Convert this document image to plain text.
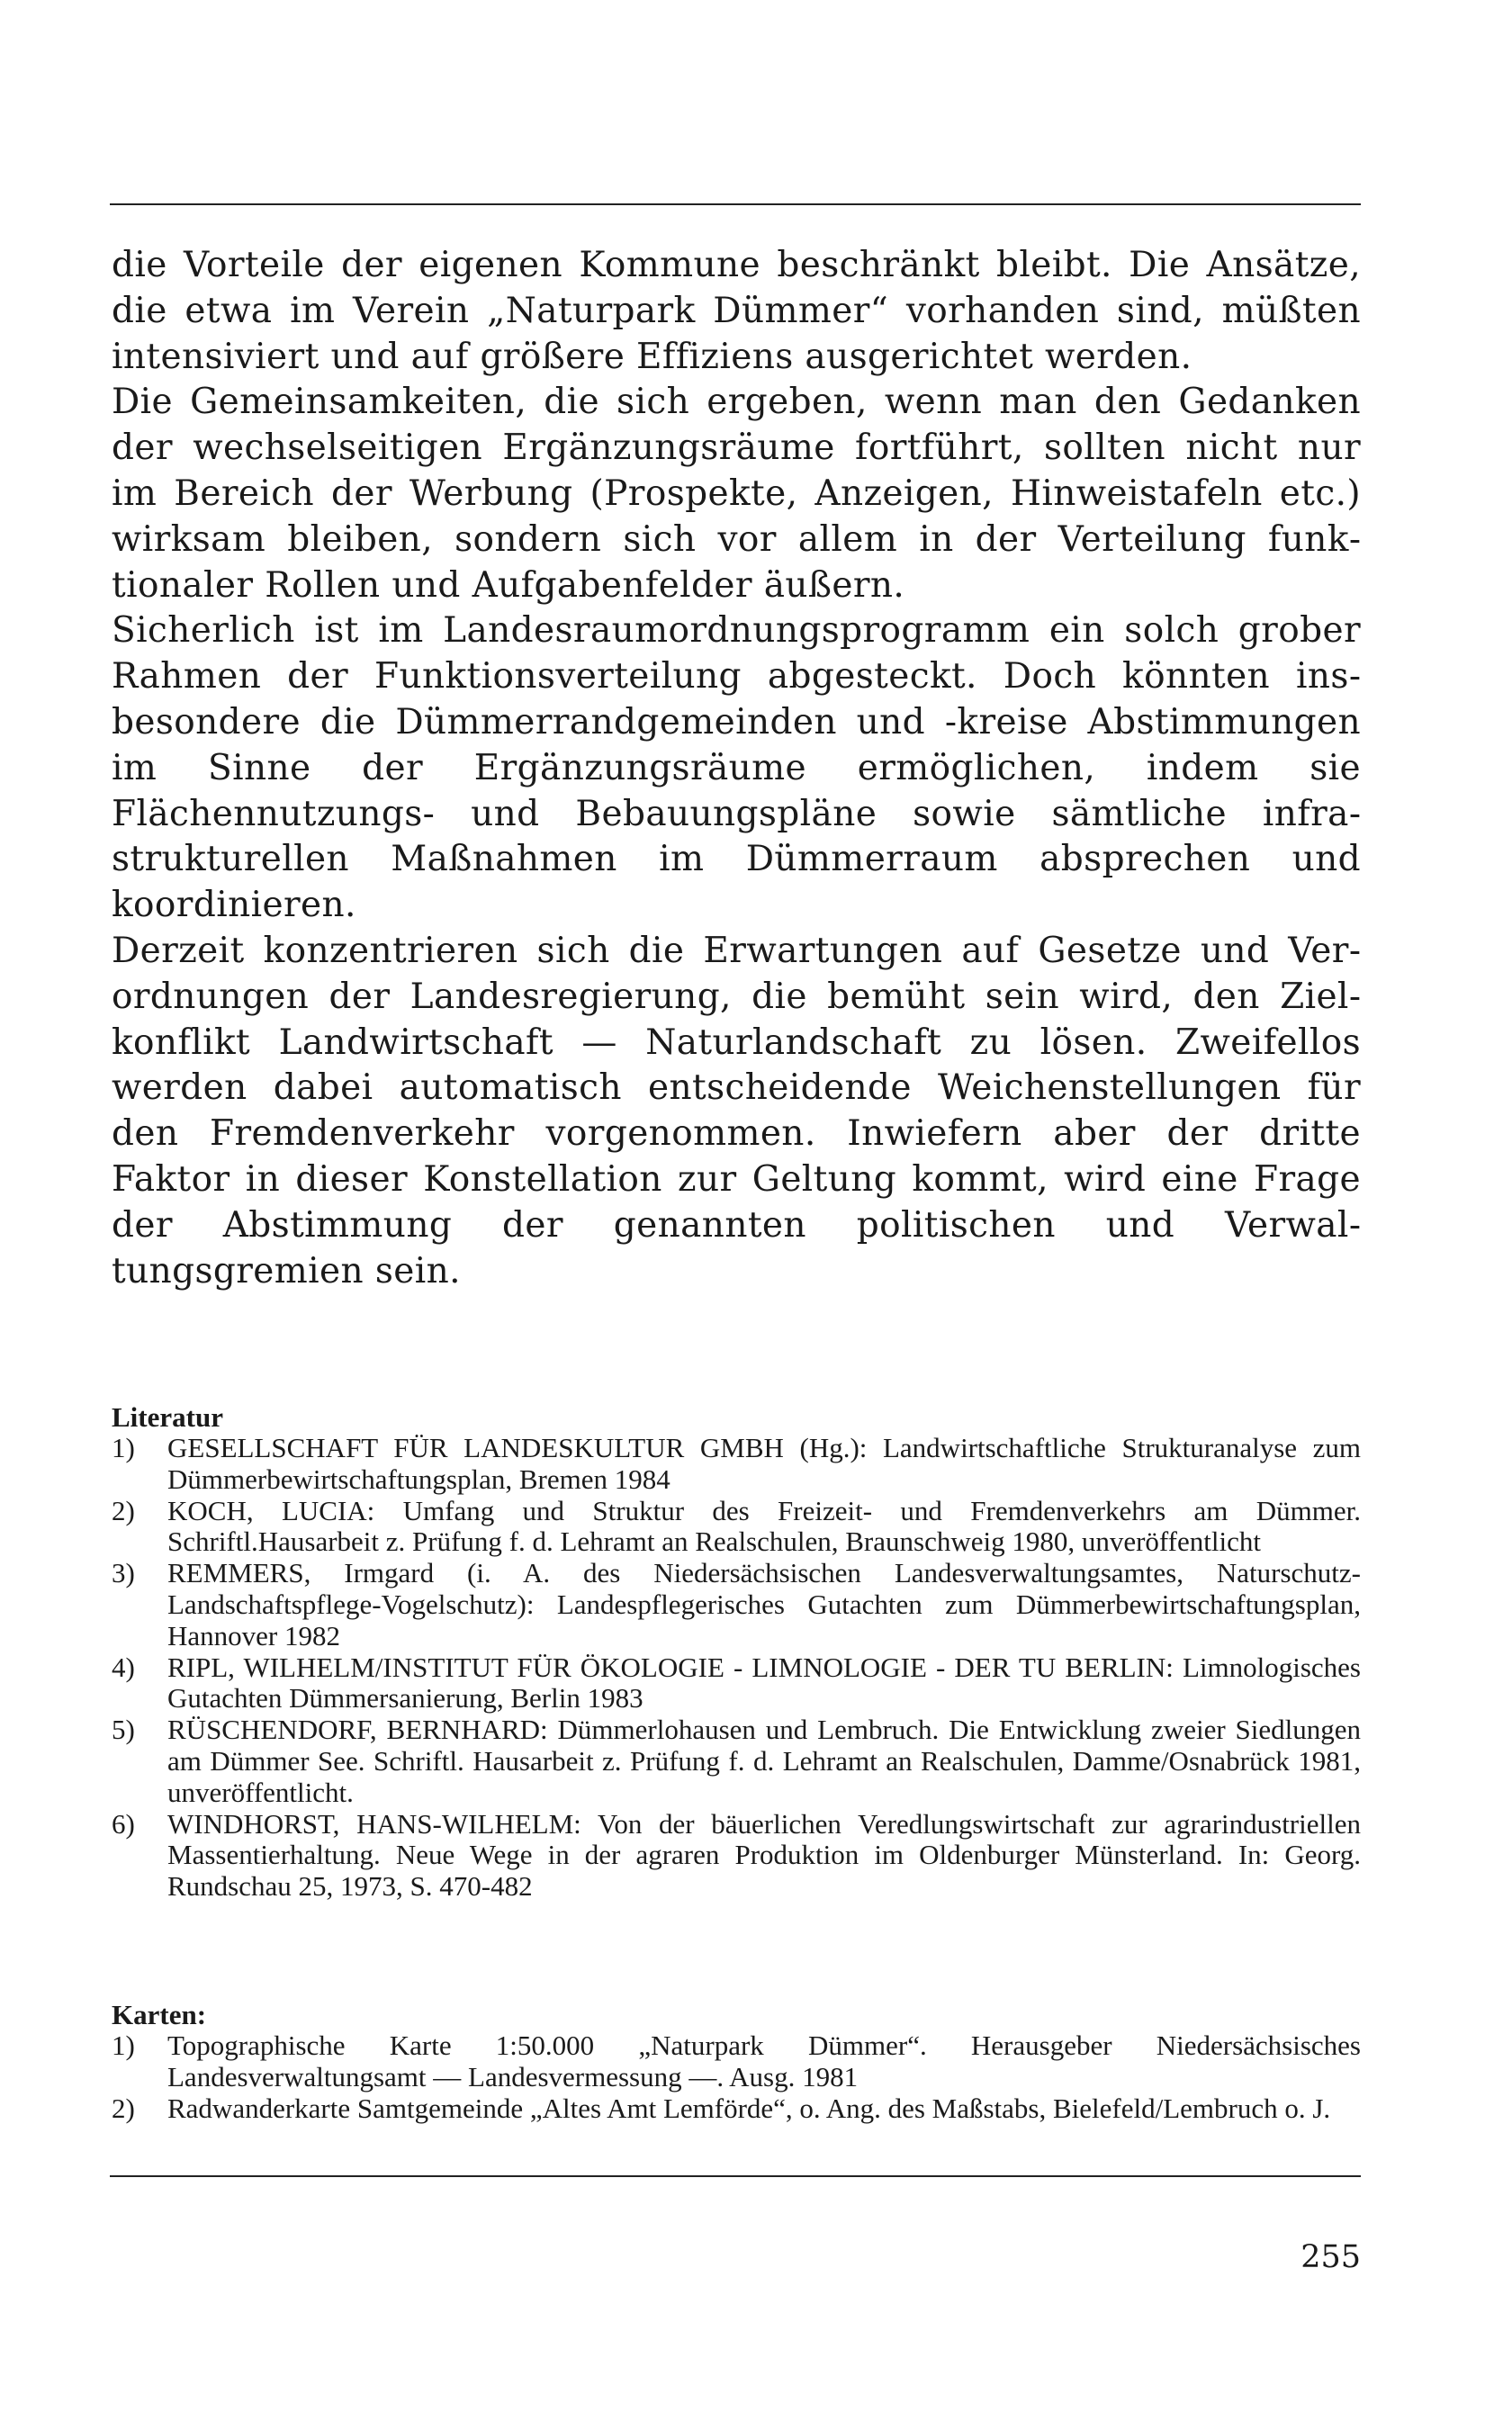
die Vorteile der eigenen Kommune beschränkt bleibt. Die Ansätze, die etwa im Verein „Naturpark Dümmer“ vorhanden sind, müßten intensiviert und auf größere Effiziens ausgerichtet werden.

Die Gemeinsamkeiten, die sich ergeben, wenn man den Gedanken der wechselseitigen Ergänzungsräume fortführt, sollten nicht nur im Bereich der Werbung (Prospekte, Anzeigen, Hinweistafeln etc.) wirksam bleiben, sondern sich vor allem in der Verteilung funktionaler Rollen und Aufgabenfelder äußern.

Sicherlich ist im Landesraumordnungsprogramm ein solch grober Rahmen der Funktionsverteilung abgesteckt. Doch könnten insbesondere die Dümmerrandgemeinden und -kreise Abstimmungen im Sinne der Ergänzungsräume ermöglichen, indem sie Flächennutzungs- und Bebauungspläne sowie sämtliche infrastrukturellen Maßnahmen im Dümmerraum absprechen und koordinieren.

Derzeit konzentrieren sich die Erwartungen auf Gesetze und Verordnungen der Landesregierung, die bemüht sein wird, den Zielkonflikt Landwirtschaft — Naturlandschaft zu lösen. Zweifellos werden dabei automatisch entscheidende Weichenstellungen für den Fremdenverkehr vorgenommen. Inwiefern aber der dritte Faktor in dieser Konstellation zur Geltung kommt, wird eine Frage der Abstimmung der genannten politischen und Verwaltungsgremien sein.

Literatur
1)	GESELLSCHAFT FÜR LANDESKULTUR GMBH (Hg.): Landwirtschaftliche Strukturanalyse zum Dümmerbewirtschaftungsplan, Bremen 1984
2)	KOCH, LUCIA: Umfang und Struktur des Freizeit- und Fremdenverkehrs am Dümmer. Schriftl.Hausarbeit z. Prüfung f. d. Lehramt an Realschulen, Braunschweig 1980, unveröffentlicht
3)	REMMERS, Irmgard (i. A. des Niedersächsischen Landesverwaltungsamtes, Naturschutz-Landschaftspflege-Vogelschutz): Landespflegerisches Gutachten zum Dümmerbewirtschaftungsplan, Hannover 1982
4)	RIPL, WILHELM/INSTITUT FÜR ÖKOLOGIE - LIMNOLOGIE - DER TU BERLIN: Limnologisches Gutachten Dümmersanierung, Berlin 1983
5)	RÜSCHENDORF, BERNHARD: Dümmerlohausen und Lembruch. Die Entwicklung zweier Siedlungen am Dümmer See. Schriftl. Hausarbeit z. Prüfung f. d. Lehramt an Realschulen, Damme/Osnabrück 1981, unveröffentlicht.
6)	WINDHORST, HANS-WILHELM: Von der bäuerlichen Veredlungswirtschaft zur agrarindustriellen Massentierhaltung. Neue Wege in der agraren Produktion im Oldenburger Münsterland. In: Georg. Rundschau 25, 1973, S. 470-482
Karten:
1)	Topographische Karte 1:50.000 „Naturpark Dümmer“. Herausgeber Niedersächsisches Landesverwaltungsamt — Landesvermessung —. Ausg. 1981
2)	Radwanderkarte Samtgemeinde „Altes Amt Lemförde“, o. Ang. des Maßstabs, Bielefeld/Lembruch o. J.
255
